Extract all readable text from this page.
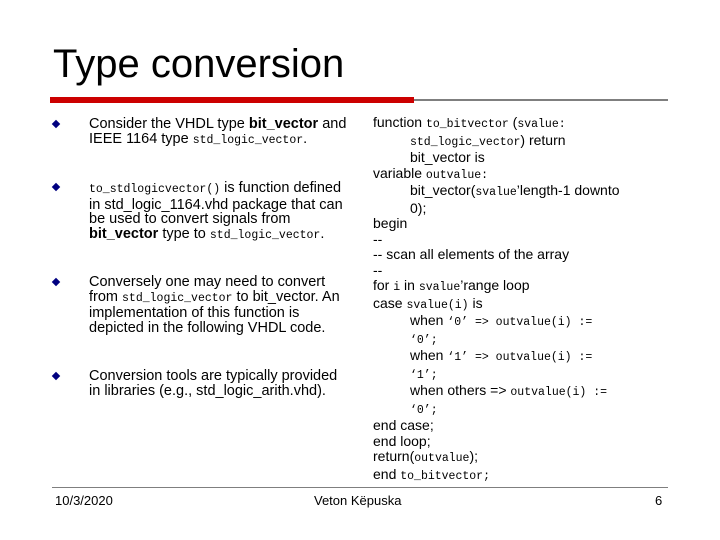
Type conversion
Consider the VHDL type bit_vector and IEEE 1164 type std_logic_vector.
to_stdlogicvector() is function defined in std_logic_1164.vhd package that can be used to convert signals from bit_vector type to std_logic_vector.
Conversely one may need to convert from std_logic_vector to bit_vector. An implementation of this function is depicted in the following VHDL code.
Conversion tools are typically provided in libraries (e.g., std_logic_arith.vhd).
function to_bitvector (svalue:
std_logic_vector) return
bit_vector is
variable outvalue:
bit_vector(svalue’length-1 downto
0);
begin
--
-- scan all elements of the array
--
for i in svalue’range loop
case svalue(i) is
when ‘0’ => outvalue(i) :=
‘0’;
when ‘1’ => outvalue(i) :=
‘1’;
when others => outvalue(i) :=
‘0’;
end case;
end loop;
return(outvalue);
end to_bitvector;
10/3/2020	Veton Këpuska	6
